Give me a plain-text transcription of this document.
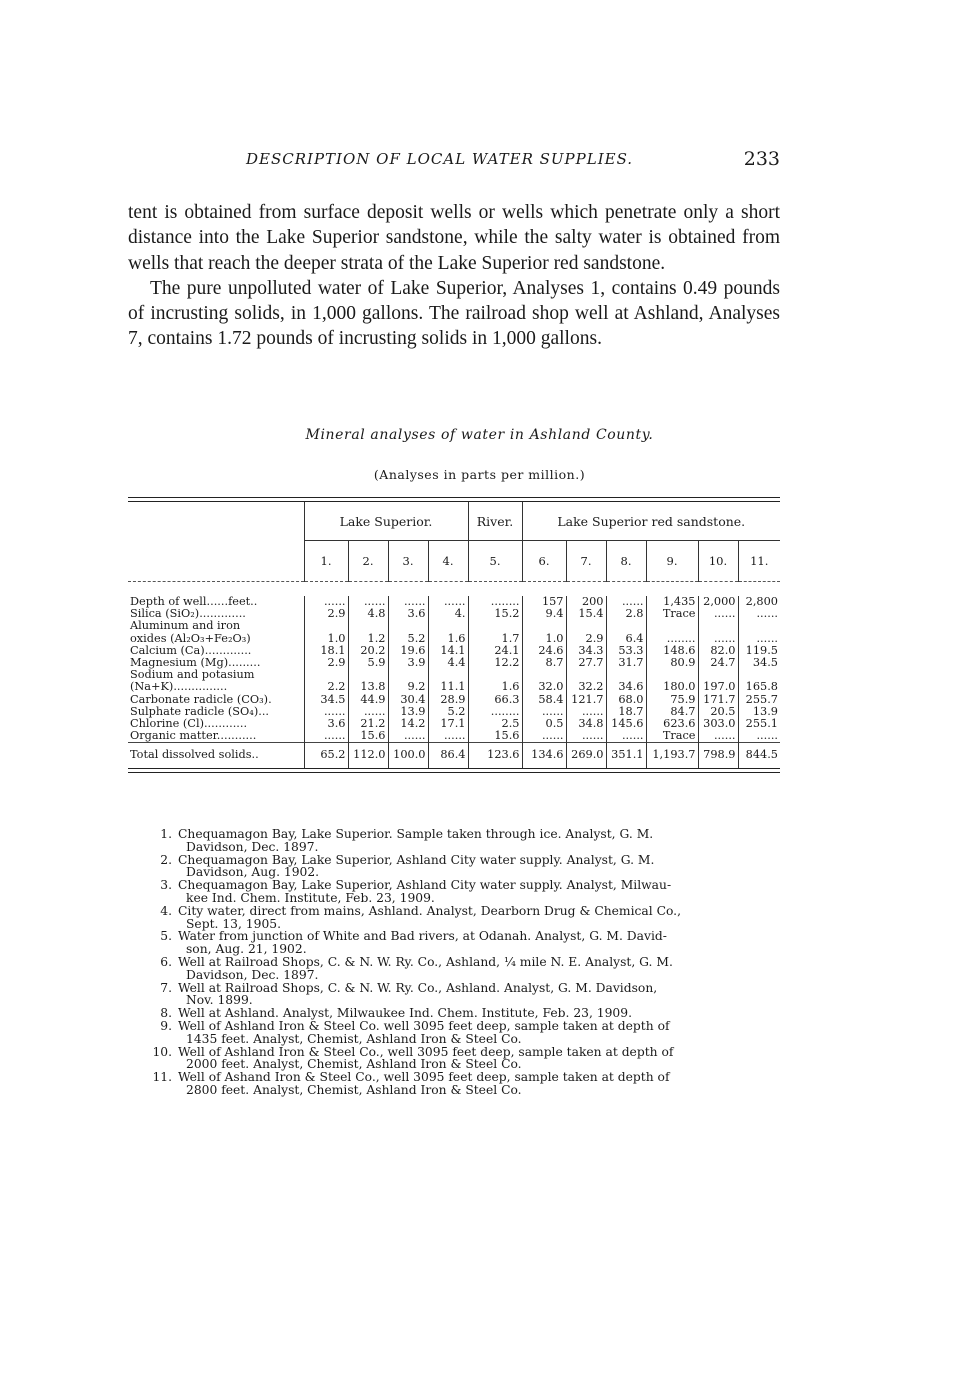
DESCRIPTION OF LOCAL WATER SUPPLIES.	233

tent is obtained from surface deposit wells or wells which penetrate only a short distance into the Lake Superior sandstone, while the salty water is obtained from wells that reach the deeper strata of the Lake Superior red sandstone.

The pure unpolluted water of Lake Superior, Analyses 1, contains 0.49 pounds of incrusting solids, in 1,000 gallons. The railroad shop well at Ashland, Analyses 7, contains 1.72 pounds of incrusting solids in 1,000 gallons.

Mineral analyses of water in Ashland County.
(Analyses in parts per million.)
	Lake Superior.				River.	Lake Superior red sandstone.					
	1.	2.	3.	4.	5.	6.	7.	8.	9.	10.	11.

Depth of well......feet..	......	......	......	......	........	157	200	......	1,435	2,000	2,800
Silica (SiO₂).............	2.9	4.8	3.6	4.	15.2	9.4	15.4	2.8	Trace	......	......
Aluminum and iron											
oxides (Al₂O₃+Fe₂O₃)	1.0	1.2	5.2	1.6	1.7	1.0	2.9	6.4	........	......	......
Calcium (Ca).............	18.1	20.2	19.6	14.1	24.1	24.6	34.3	53.3	148.6	82.0	119.5
Magnesium (Mg).........	2.9	5.9	3.9	4.4	12.2	8.7	27.7	31.7	80.9	24.7	34.5
Sodium and potasium											
(Na+K)...............	2.2	13.8	9.2	11.1	1.6	32.0	32.2	34.6	180.0	197.0	165.8
Carbonate radicle (CO₃).	34.5	44.9	30.4	28.9	66.3	58.4	121.7	68.0	75.9	171.7	255.7
Sulphate radicle (SO₄)...	......	......	13.9	5.2	........	......	......	18.7	84.7	20.5	13.9
Chlorine (Cl)............	3.6	21.2	14.2	17.1	2.5	0.5	34.8	145.6	623.6	303.0	255.1
Organic matter...........	......	15.6	......	......	15.6	......	......	......	Trace	......	......
Total dissolved solids..	65.2	112.0	100.0	86.4	123.6	134.6	269.0	351.1	1,193.7	798.9	844.5
1. Chequamagon Bay, Lake Superior. Sample taken through ice. Analyst, G. M.
Davidson, Dec. 1897.
2. Chequamagon Bay, Lake Superior, Ashland City water supply. Analyst, G. M.
Davidson, Aug. 1902.
3. Chequamagon Bay, Lake Superior, Ashland City water supply. Analyst, Milwau-
kee Ind. Chem. Institute, Feb. 23, 1909.
4. City water, direct from mains, Ashland. Analyst, Dearborn Drug & Chemical Co.,
Sept. 13, 1905.
5. Water from junction of White and Bad rivers, at Odanah. Analyst, G. M. David-
son, Aug. 21, 1902.
6. Well at Railroad Shops, C. & N. W. Ry. Co., Ashland, ¼ mile N. E. Analyst, G. M.
Davidson, Dec. 1897.
7. Well at Railroad Shops, C. & N. W. Ry. Co., Ashland. Analyst, G. M. Davidson,
Nov. 1899.
8. Well at Ashland. Analyst, Milwaukee Ind. Chem. Institute, Feb. 23, 1909.
9. Well of Ashland Iron & Steel Co. well 3095 feet deep, sample taken at depth of
1435 feet. Analyst, Chemist, Ashland Iron & Steel Co.
10. Well of Ashland Iron & Steel Co., well 3095 feet deep, sample taken at depth of
2000 feet. Analyst, Chemist, Ashland Iron & Steel Co.
11. Well of Ashand Iron & Steel Co., well 3095 feet deep, sample taken at depth of
2800 feet. Analyst, Chemist, Ashland Iron & Steel Co.
